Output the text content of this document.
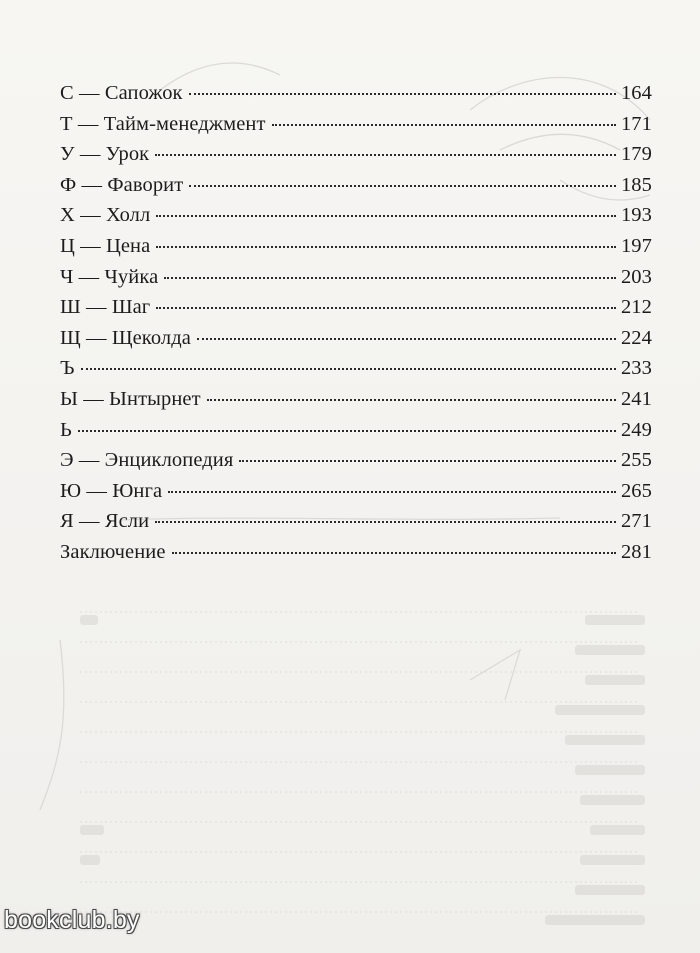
С — Сапожок	164
Т — Тайм-менеджмент	171
У — Урок	179
Ф — Фаворит	185
Х — Холл	193
Ц — Цена	197
Ч — Чуйка	203
Ш — Шаг	212
Щ — Щеколда	224
Ъ	233
Ы — Ынтырнет	241
Ь	249
Э — Энциклопедия	255
Ю — Юнга	265
Я — Ясли	271
Заключение	281
bookclub.by
